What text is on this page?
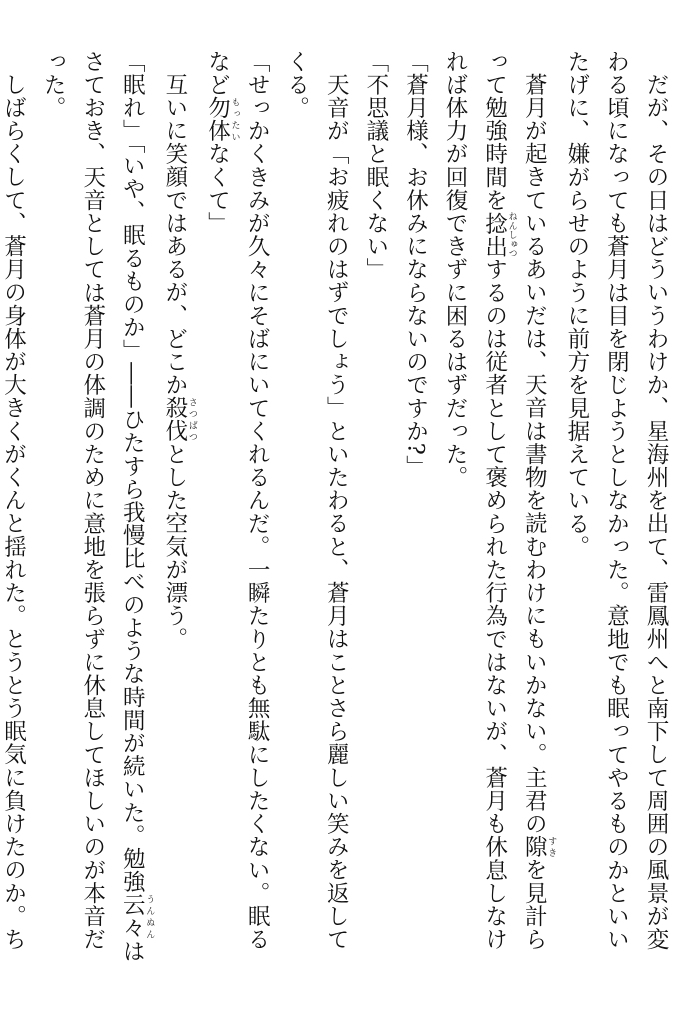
だが、その日はどういうわけか、星海州を出て、雷鳳州へと南下して周囲の風景が変わる頃になっても蒼月は目を閉じようとしなかった。意地でも眠ってやるものかといいたげに、嫌がらせのように前方を見据えている。

蒼月が起きているあいだは、天音は書物を読むわけにもいかない。主君の隙 すきを見計らって勉強時間を捻出 ねんしゅつするのは従者として褒められた行為ではないが、蒼月も休息しなければ体力が回復できずに困るはずだった。

「蒼月様、お休みにならないのですか?」

「不思議と眠くない」

天音が「お疲れのはずでしょう」といたわると、蒼月はことさら麗しい笑みを返してくる。

「せっかくきみが久々にそばにいてくれるんだ。一瞬たりとも無駄にしたくない。眠るなど勿 もっ体 たいなくて」

互いに笑顔ではあるが、どこか殺伐 さつばつとした空気が漂う。

「眠れ」「いや、眠るものか」――ひたすら我慢比べのような時間が続いた。勉強云々 うんぬんはさておき、天音としては蒼月の体調のために意地を張らずに休息してほしいのが本音だった。

しばらくして、蒼月の身体が大きくがくんと揺れた。とうとう眠気に負けたのか。ち
